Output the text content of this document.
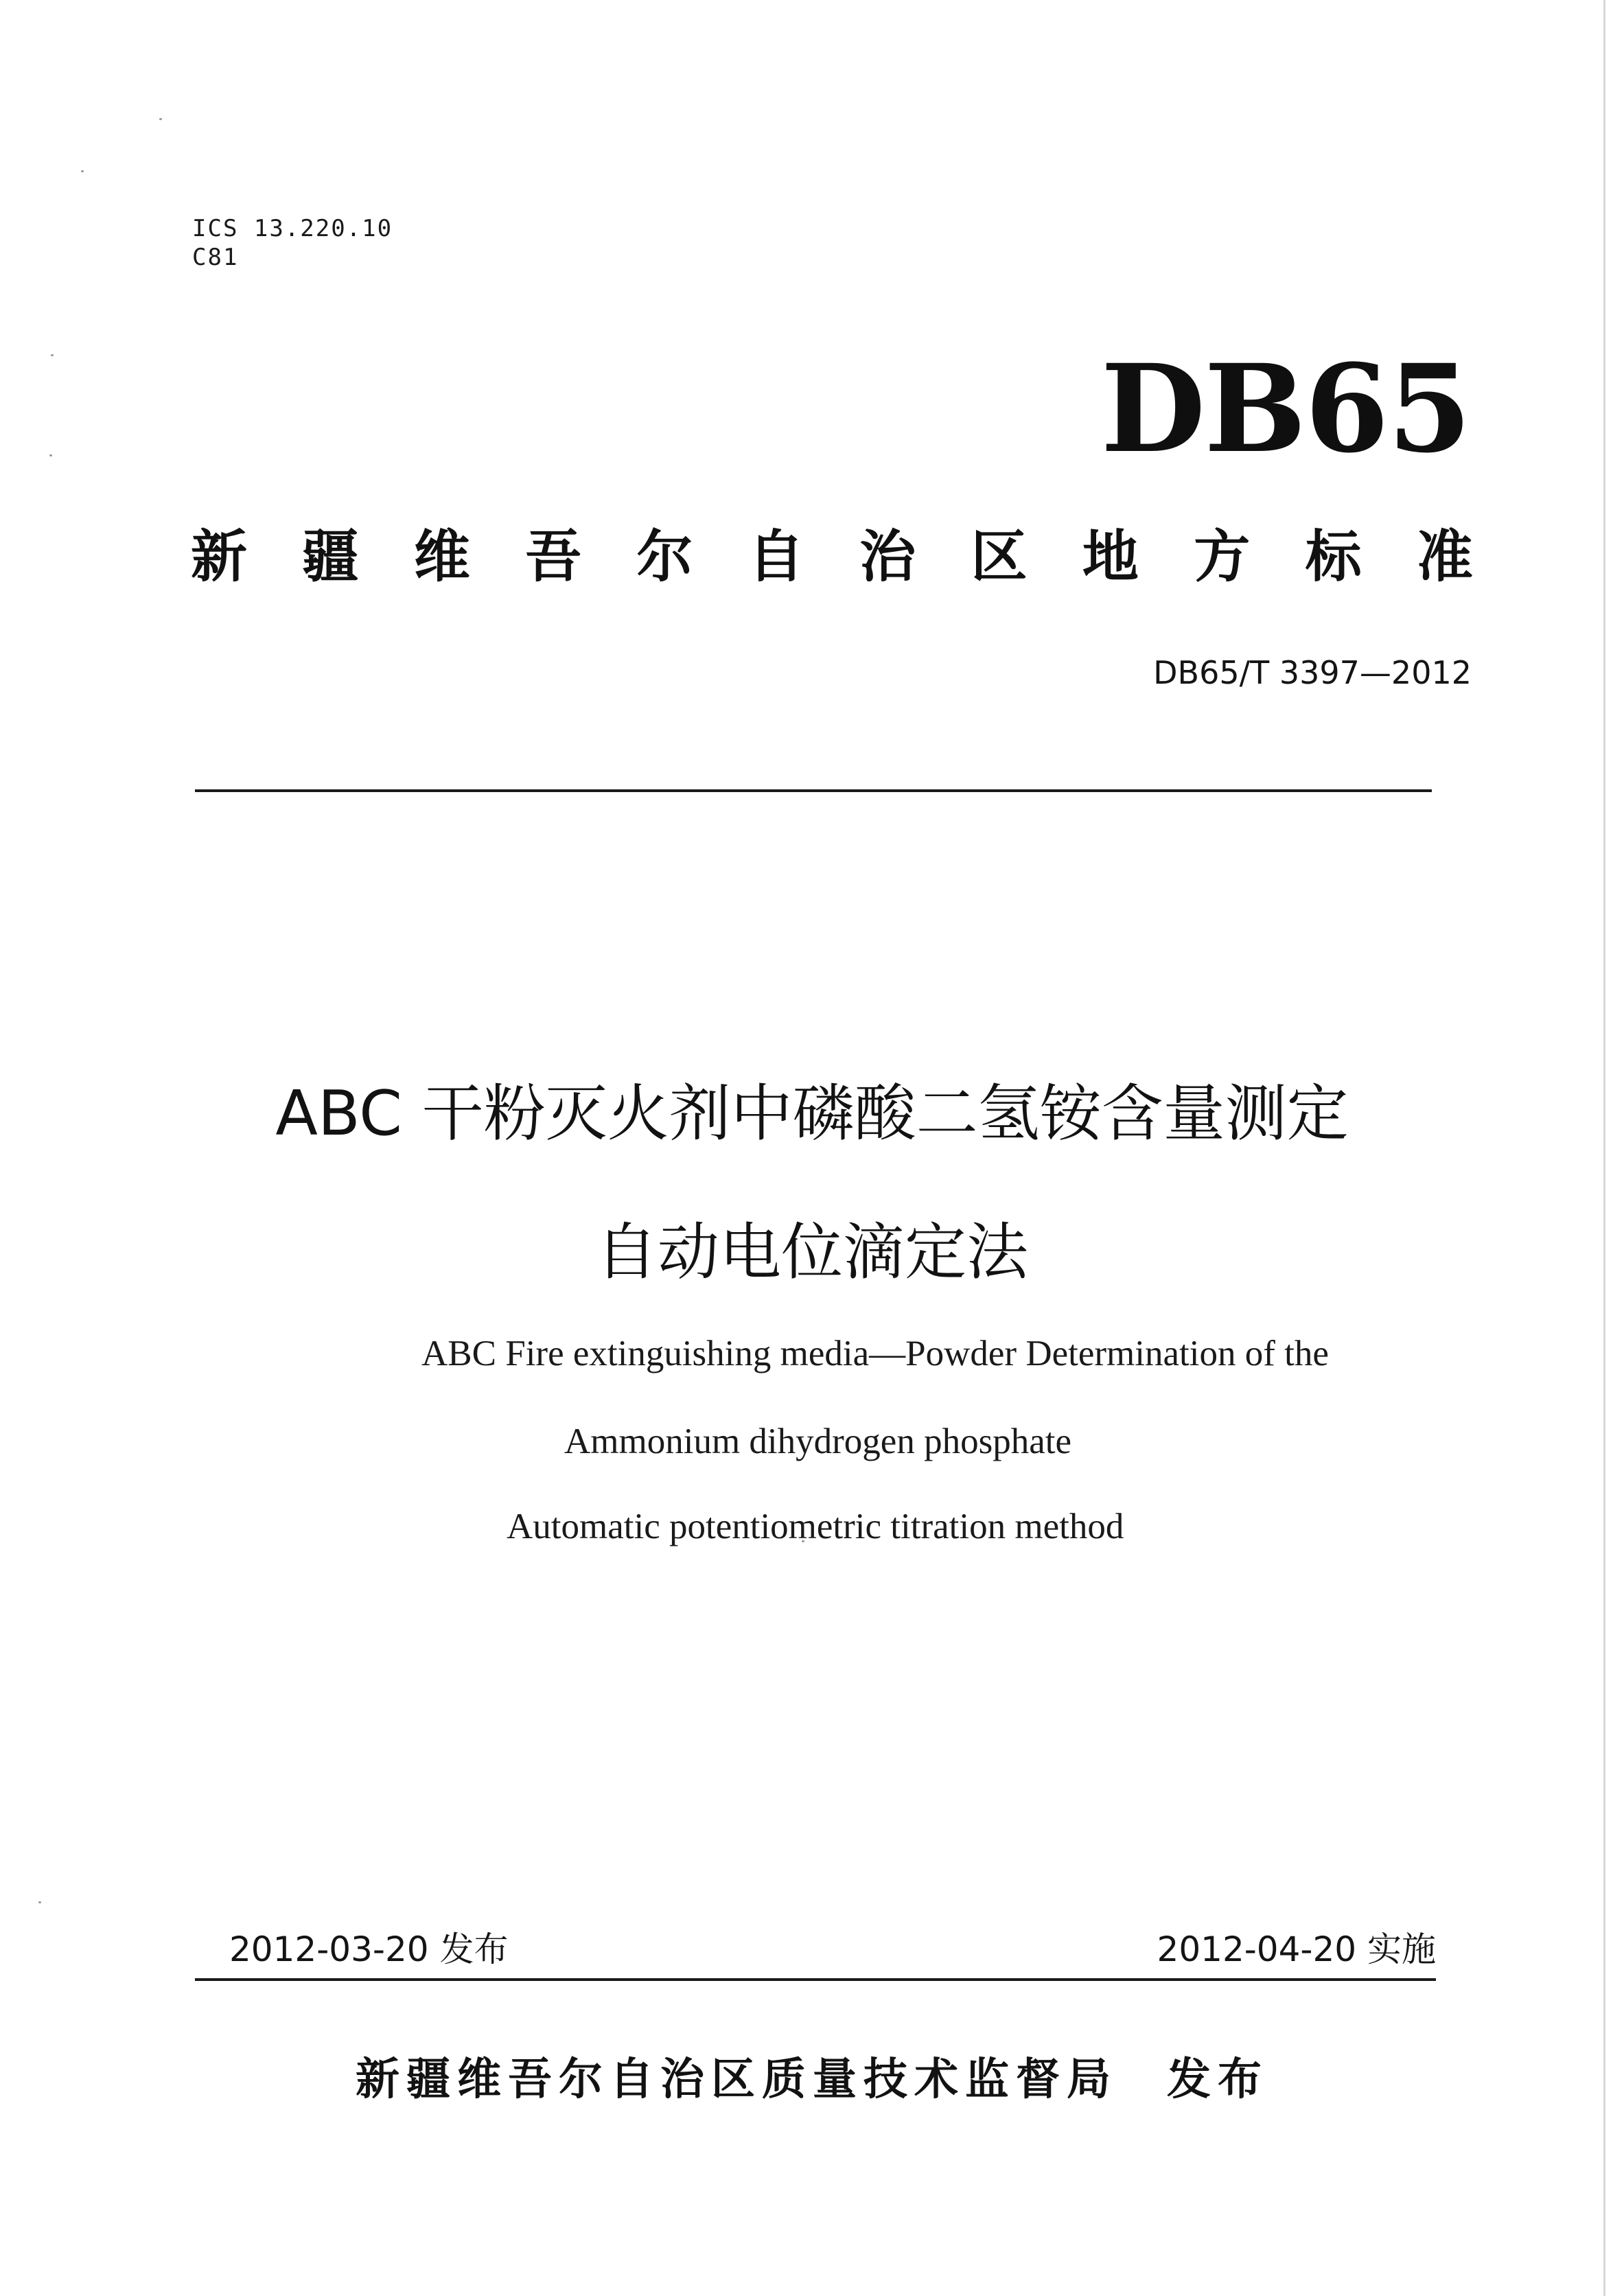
ICS 13.220.10
C81
DB65
新 疆 维 吾 尔 自 治 区 地 方 标 准
DB65/T 3397—2012
ABC 干粉灭火剂中磷酸二氢铵含量测定
自动电位滴定法
ABC Fire extinguishing media—Powder Determination of the
Ammonium dihydrogen phosphate
Automatic potentiometric titration method
2012-03-20 发布	2012-04-20 实施
新疆维吾尔自治区质量技术监督局 发布
